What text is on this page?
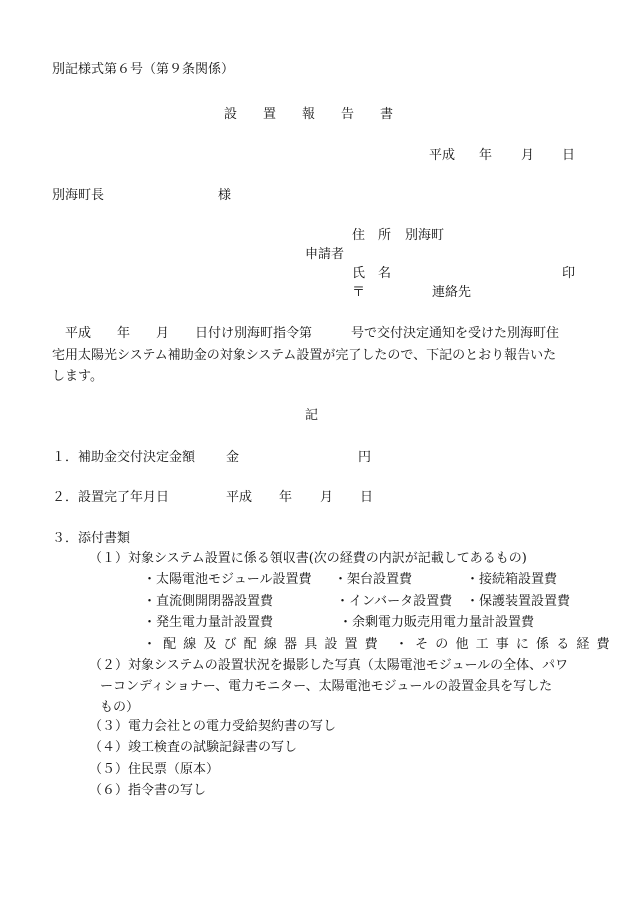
別記様式第６号（第９条関係）
設　　置　　報　　告　　書
平成 年 月 日
別海町長	様
住　所 別海町
申請者
氏　名	印
〒	連絡先
　平成　　年　　月　　日付け別海町指令第　　　号で交付決定通知を受けた別海町住
宅用太陽光システム補助金の対象システム設置が完了したので、下記のとおり報告いた
します。
記
１．補助金交付決定金額 金	円
２．設置完了年月日	平成 年 月 日
３．添付書類
（１）対象システム設置に係る領収書(次の経費の内訳が記載してあるもの)
・太陽電池モジュール設置費 ・架台設置費	・接続箱設置費
・直流側開閉器設置費	・インバータ設置費 ・保護装置設置費
・発生電力量計設置費	・余剰電力販売用電力量計設置費
・配線及び配線器具設置費 ・その他工事に係る経費
（２）対象システムの設置状況を撮影した写真（太陽電池モジュールの全体、パワ
ーコンディショナー、電力モニター、太陽電池モジュールの設置金具を写した
もの）
（３）電力会社との電力受給契約書の写し
（４）竣工検査の試験記録書の写し
（５）住民票（原本）
（６）指令書の写し
